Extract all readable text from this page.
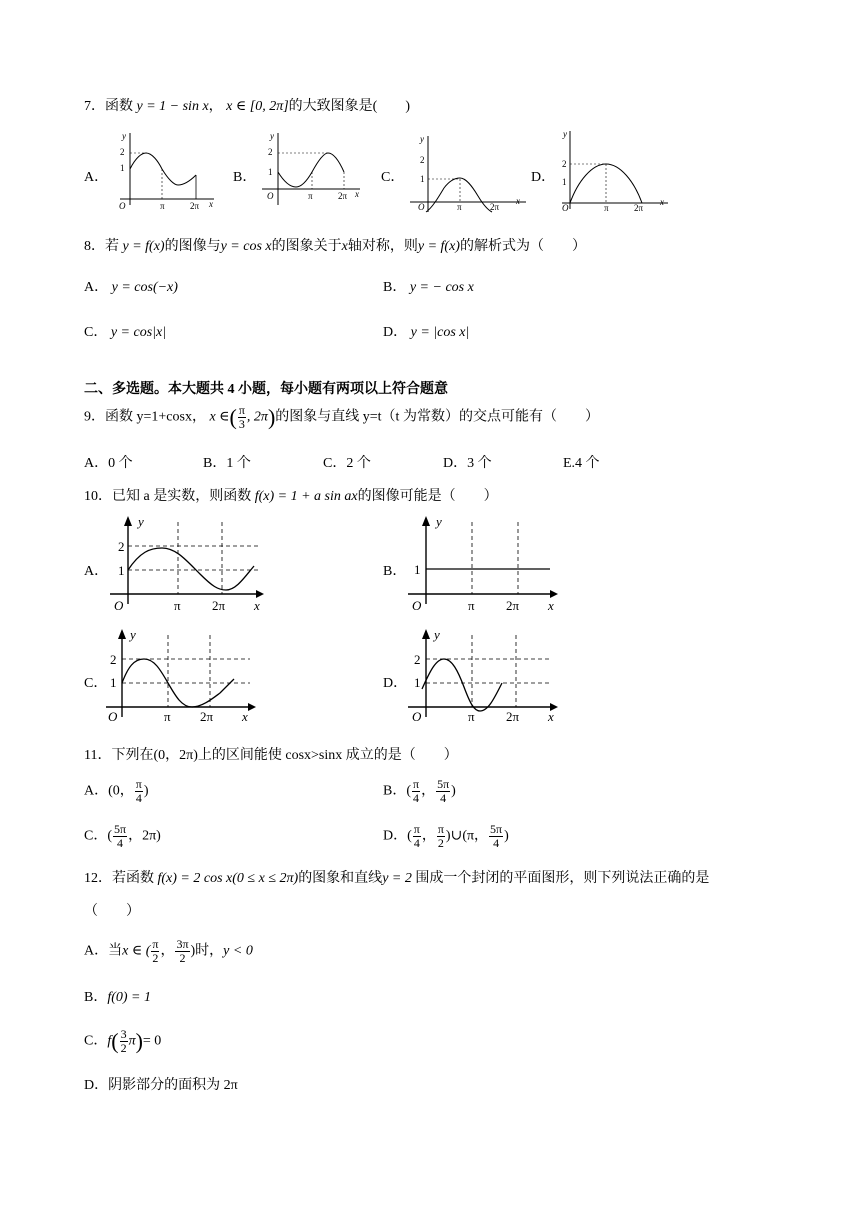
7．函数 y = 1 − sin x， x ∈ [0, 2π]的大致图象是(　　)
A．
y
x
O
1
2
π	2π
B．
y
x
O
1
2
π	2π
C．
y
x
O
1
2
π	2π
D．
y
x
O
1
2
π	2π
8．若 y = f(x)的图像与y = cos x的图象关于x轴对称，则y = f(x)的解析式为（　　）
A． y = cos(−x)	B． y = − cos x
C． y = cos|x|	D． y = |cos x|
二、多选题。本大题共 4 小题，每小题有两项以上符合题意
9．函数 y=1+cosx， x ∈( $\frac{\pi}{3}$ , 2π)的图象与直线 y=t（t 为常数）的交点可能有（　　）
A．0 个	B．1 个	C．2 个	D．3 个	E.4 个
10．已知 a 是实数，则函数 f(x) = 1 + a sin ax的图像可能是（　　）
A．
y
x
O
1
2
π 2π
B．
y
x
O
1
π 2π
C．
y
x
O
1
2
π 2π
D．
y
x
O
1
2
π 2π
11．下列在(0，2π)上的区间能使 cosx>sinx 成立的是（　　）
A．(0， $\frac{\pi}{4}$ )	B．( $\frac{\pi}{4}$ ， $\frac{5\pi}{4}$ )
C．( $\frac{5\pi}{4}$ ，2π)	D．( $\frac{\pi}{4}$ ， $\frac{\pi}{2}$ )∪(π， $\frac{5\pi}{4}$ )
12．若函数 f(x) = 2 cos x(0 ≤ x ≤ 2π)的图象和直线y = 2 围成一个封闭的平面图形，则下列说法正确的是
（　　）
A．当x ∈ ( $\frac{\pi}{2}$ ， $\frac{3\pi}{2}$ )时，y < 0
B．f(0) = 1
C．$f( \frac{3}{2} \pi)= 0$
D．阴影部分的面积为 2π
